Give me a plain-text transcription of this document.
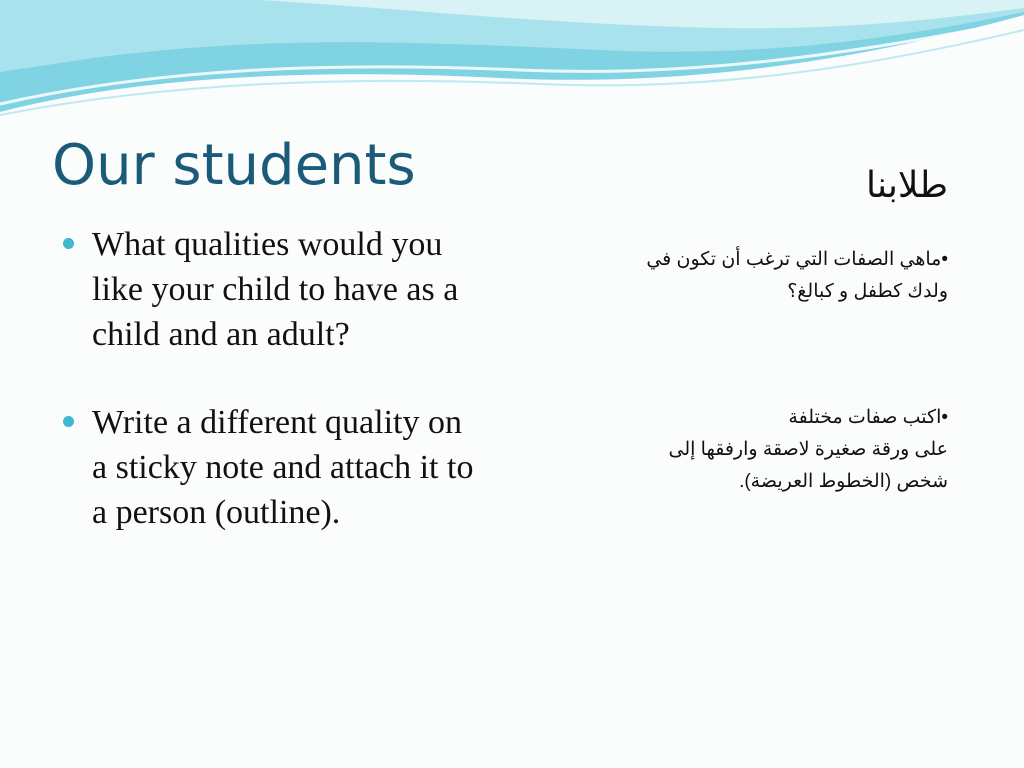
Our students	طلابنا
What qualities would you like your child to have as a child and an adult?
Write a different quality on a sticky note and attach it to a person (outline).
•ماهي الصفات التي ترغب أن تكون في
ولدك كطفل و كبالغ؟
•اكتب صفات مختلفة
على ورقة صغيرة لاصقة وارفقها إلى
شخص (الخطوط العريضة).
